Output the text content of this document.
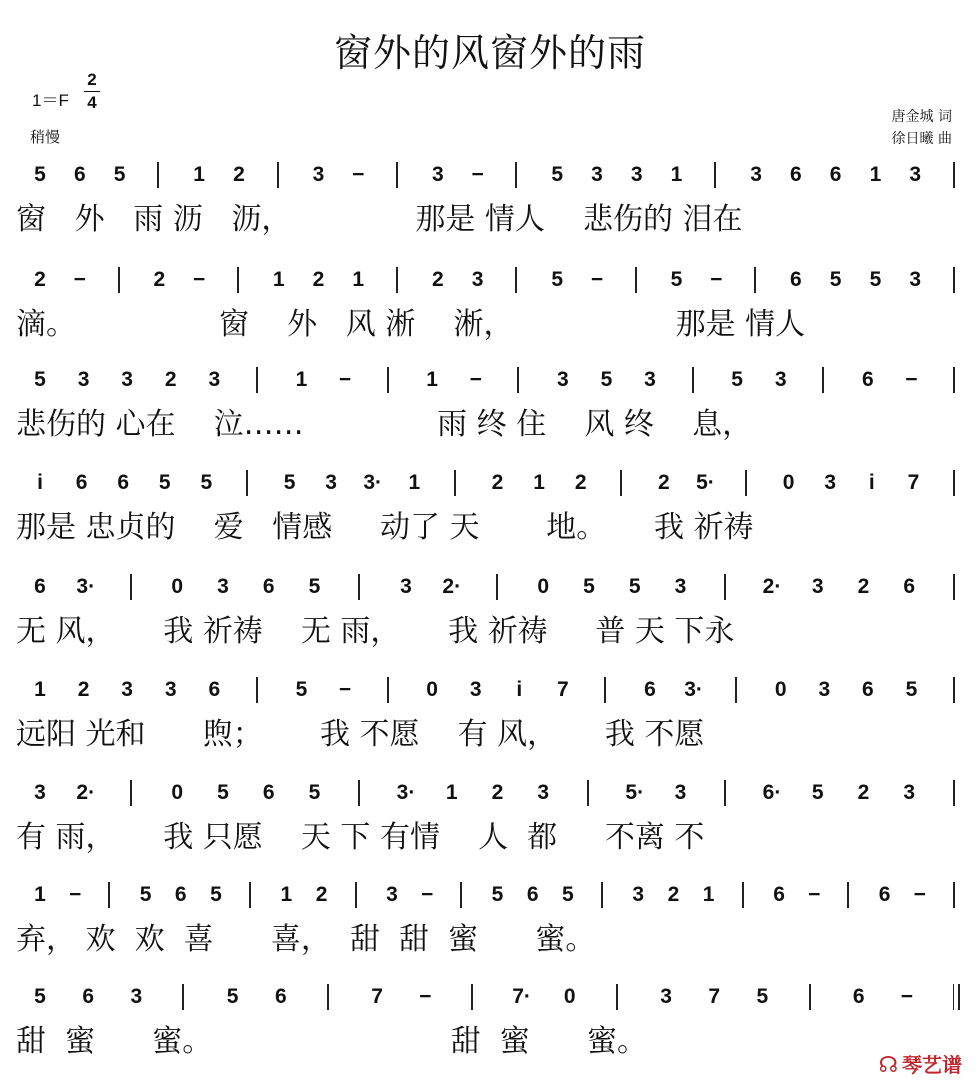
窗外的风窗外的雨
1＝F
2
4
稍慢
唐金城 词
徐日曦 曲
5 6 5	1 2	3 −	3 −	5 3 3 1	3 6 6 1 3
窗   外   雨 沥   沥，             那是 情人    悲伤的 泪在
2 −	2 −	1 2 1	2 3	5 −	5 −	6 5 5 3
滴。               窗    外   风 淅    淅，                 那是 情人
5 3 3 2 3	1 −	1 −	3 5 3	5 3	6 −
悲伤的 心在    泣……              雨 终 住    风 终    息，
i	6 6 5 5	5 3 3· 1	2 1 2	2 5·	0 3	i	7
那是 忠贞的    爱   情感     动了 天       地。     我 祈祷
6 3·	0 3 6 5	3 2·	0 5 5 3	2· 3 2 6
无 风，     我 祈祷    无 雨，     我 祈祷     普 天 下永
1 2 3 3 6	5 −	0 3	i	7	6 3·	0 3 6 5
远阳 光和      煦；      我 不愿    有 风，     我 不愿
3 2·	0 5 6 5	3· 1 2 3	5· 3	6· 5 2 3
有 雨，     我 只愿    天 下 有情    人  都     不离 不
1 −	5 6 5	1 2	3 −	5 6 5	3 2 1	6 −	6 −
弃， 欢  欢  喜      喜，  甜  甜  蜜      蜜。
5 6 3	5 6	7 −	7· 0	3 7 5	6 −
甜  蜜      蜜。                         甜  蜜      蜜。
☊ 琴艺谱
